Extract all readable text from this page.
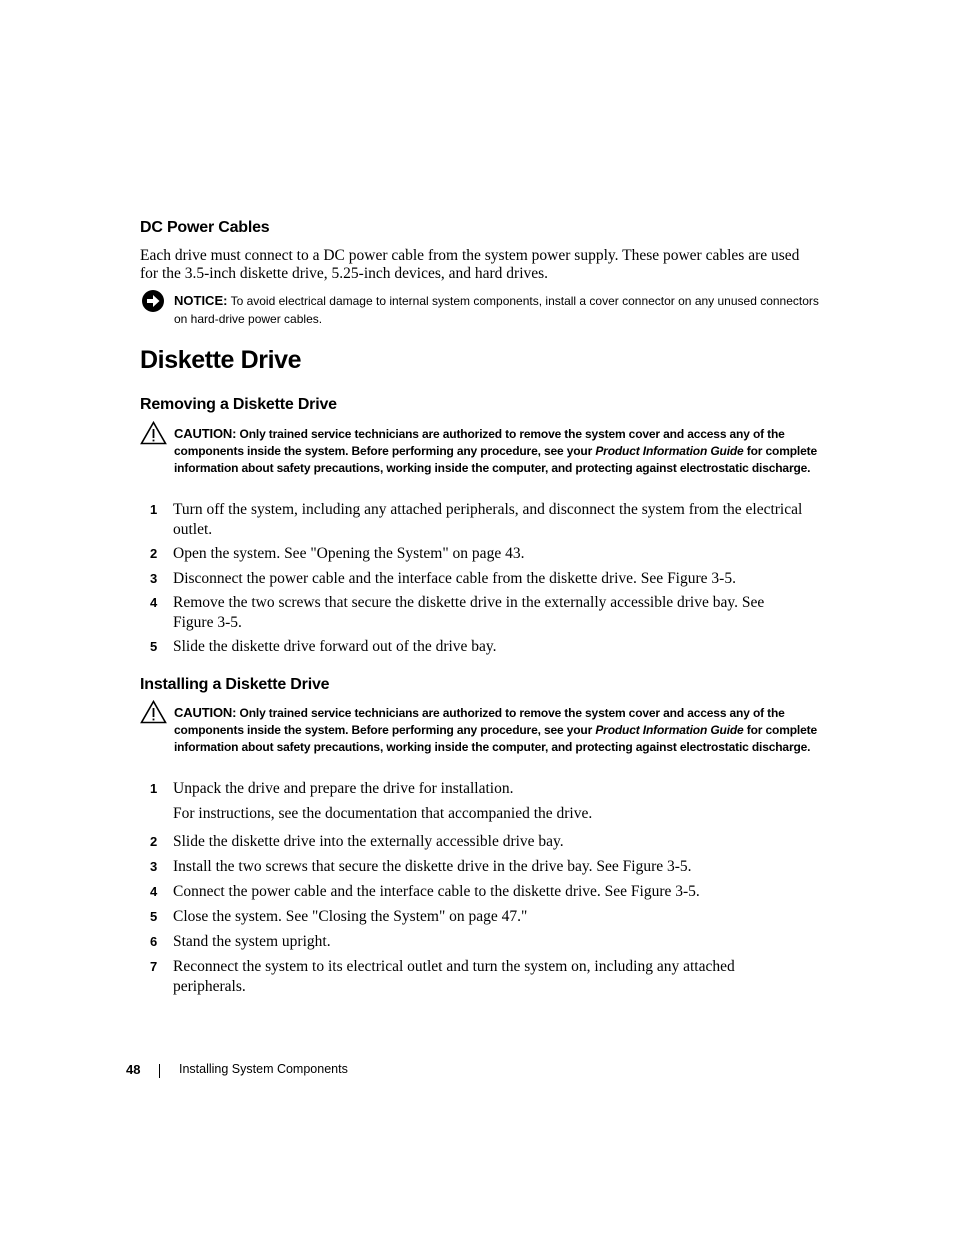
DC Power Cables
Each drive must connect to a DC power cable from the system power supply. These power cables are used for the 3.5-inch diskette drive, 5.25-inch devices, and hard drives.
NOTICE: To avoid electrical damage to internal system components, install a cover connector on any unused connectors on hard-drive power cables.
Diskette Drive
Removing a Diskette Drive
CAUTION: Only trained service technicians are authorized to remove the system cover and access any of the components inside the system. Before performing any procedure, see your Product Information Guide for complete information about safety precautions, working inside the computer, and protecting against electrostatic discharge.
1	Turn off the system, including any attached peripherals, and disconnect the system from the electrical outlet.
2	Open the system. See "Opening the System" on page 43.
3	Disconnect the power cable and the interface cable from the diskette drive. See Figure 3-5.
4	Remove the two screws that secure the diskette drive in the externally accessible drive bay. See Figure 3-5.
5	Slide the diskette drive forward out of the drive bay.
Installing a Diskette Drive
CAUTION: Only trained service technicians are authorized to remove the system cover and access any of the components inside the system. Before performing any procedure, see your Product Information Guide for complete information about safety precautions, working inside the computer, and protecting against electrostatic discharge.
1	Unpack the drive and prepare the drive for installation.
For instructions, see the documentation that accompanied the drive.
2	Slide the diskette drive into the externally accessible drive bay.
3	Install the two screws that secure the diskette drive in the drive bay. See Figure 3-5.
4	Connect the power cable and the interface cable to the diskette drive. See Figure 3-5.
5	Close the system. See "Closing the System" on page 47."
6	Stand the system upright.
7	Reconnect the system to its electrical outlet and turn the system on, including any attached peripherals.
48	Installing System Components
